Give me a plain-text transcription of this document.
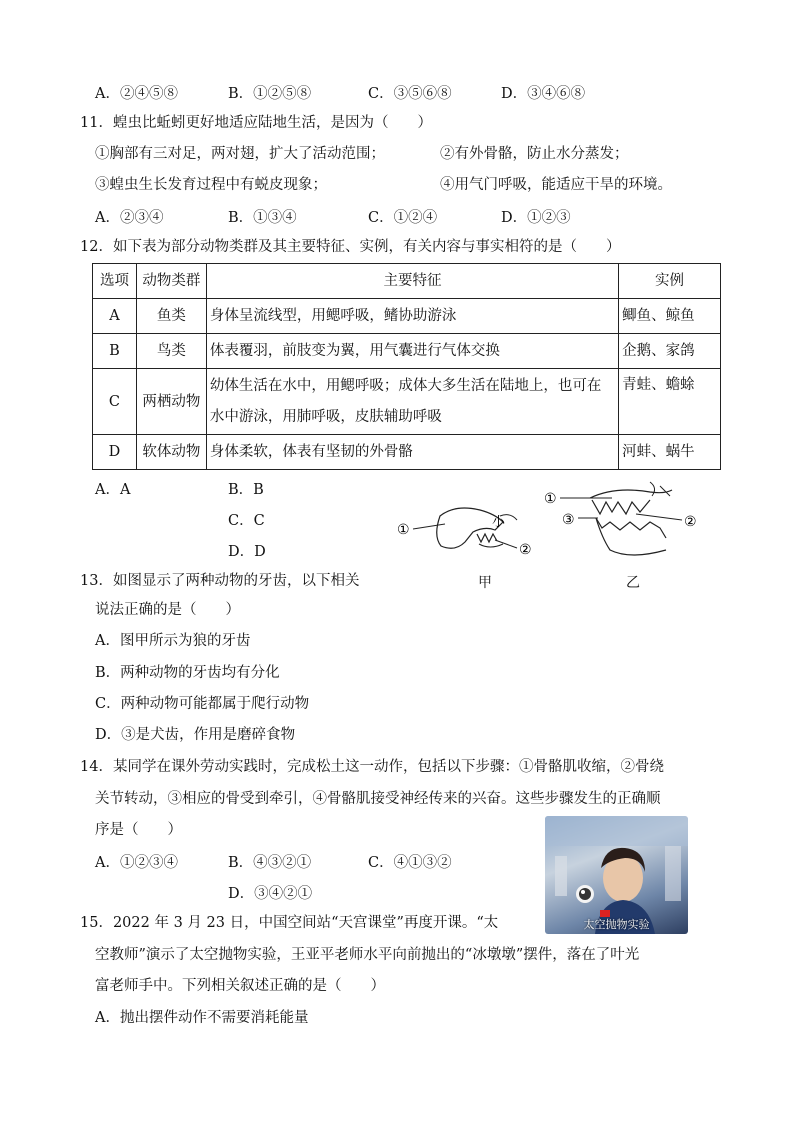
A．②④⑤⑧	B．①②⑤⑧	C．③⑤⑥⑧	D．③④⑥⑧
11．蝗虫比蚯蚓更好地适应陆地生活，是因为（　　）
①胸部有三对足，两对翅，扩大了活动范围；	②有外骨骼，防止水分蒸发；
③蝗虫生长发育过程中有蜕皮现象；	④用气门呼吸，能适应干旱的环境。
A．②③④	B．①③④	C．①②④	D．①②③
12．如下表为部分动物类群及其主要特征、实例，有关内容与事实相符的是（　　）
选项	动物类群	主要特征	实例
A	鱼类	身体呈流线型，用鳃呼吸，鳍协助游泳	鲫鱼、鲸鱼
B	鸟类	体表覆羽，前肢变为翼，用气囊进行气体交换	企鹅、家鸽
C	两栖动物	幼体生活在水中，用鳃呼吸；成体大多生活在陆地上，也可在水中游泳，用肺呼吸，皮肤辅助呼吸	青蛙、蟾蜍
D	软体动物	身体柔软，体表有坚韧的外骨骼	河蚌、蜗牛
A．A	B．B
C．C
D．D
①
②
小
甲
①
③	②
乙
13．如图显示了两种动物的牙齿，以下相关
说法正确的是（　　）
A．图甲所示为狼的牙齿
B．两种动物的牙齿均有分化
C．两种动物可能都属于爬行动物
D．③是犬齿，作用是磨碎食物
14．某同学在课外劳动实践时，完成松土这一动作，包括以下步骤：①骨骼肌收缩，②骨绕
关节转动，③相应的骨受到牵引，④骨骼肌接受神经传来的兴奋。这些步骤发生的正确顺
序是（　　）
A．①②③④	B．④③②①	C．④①③②
D．③④②①
太空抛物实验
15．2022 年 3 月 23 日，中国空间站“天宫课堂”再度开课。“太
空教师”演示了太空抛物实验，王亚平老师水平向前抛出的“冰墩墩”摆件，落在了叶光
富老师手中。下列相关叙述正确的是（　　）
A．抛出摆件动作不需要消耗能量
